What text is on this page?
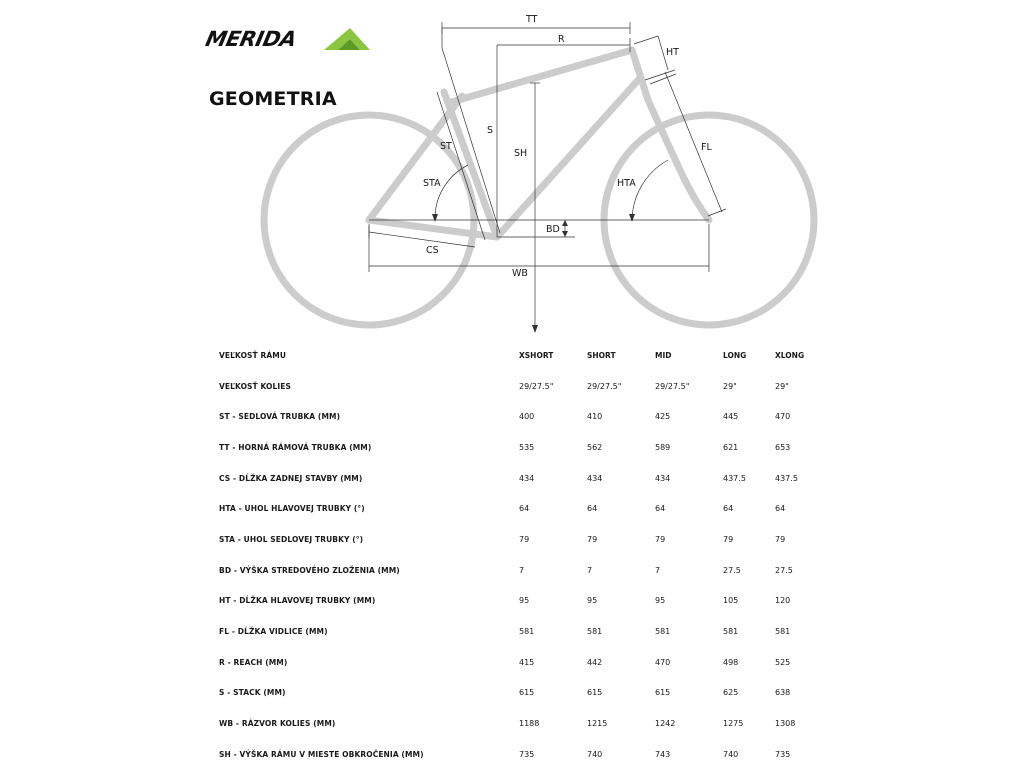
MERIDA
GEOMETRIA
TT
R
HT
S
ST
SH
FL
STA	HTA
BD
CS
WB
VEĽKOSŤ RÁMU	XSHORT	SHORT	MID	LONG	XLONG
VEĽKOSŤ KOLIES	29/27.5"	29/27.5"	29/27.5"	29"	29"
ST - SEDLOVÁ TRUBKA (MM)	400	410	425	445	470
TT - HORNÁ RÁMOVÁ TRUBKA (MM)	535	562	589	621	653
CS - DĹŽKA ZADNEJ STAVBY (MM)	434	434	434	437.5	437.5
HTA - UHOL HLAVOVEJ TRUBKY (°)	64	64	64	64	64
STA - UHOL SEDLOVEJ TRUBKY (°)	79	79	79	79	79
BD - VÝŠKA STREDOVÉHO ZLOŽENIA (MM)	7	7	7	27.5	27.5
HT - DĹŽKA HLAVOVEJ TRUBKY (MM)	95	95	95	105	120
FL - DĹŽKA VIDLICE (MM)	581	581	581	581	581
R - REACH (MM)	415	442	470	498	525
S - STACK (MM)	615	615	615	625	638
WB - RÁZVOR KOLIES (MM)	1188	1215	1242	1275	1308
SH - VÝŠKA RÁMU V MIESTE OBKROČENIA (MM)	735	740	743	740	735
